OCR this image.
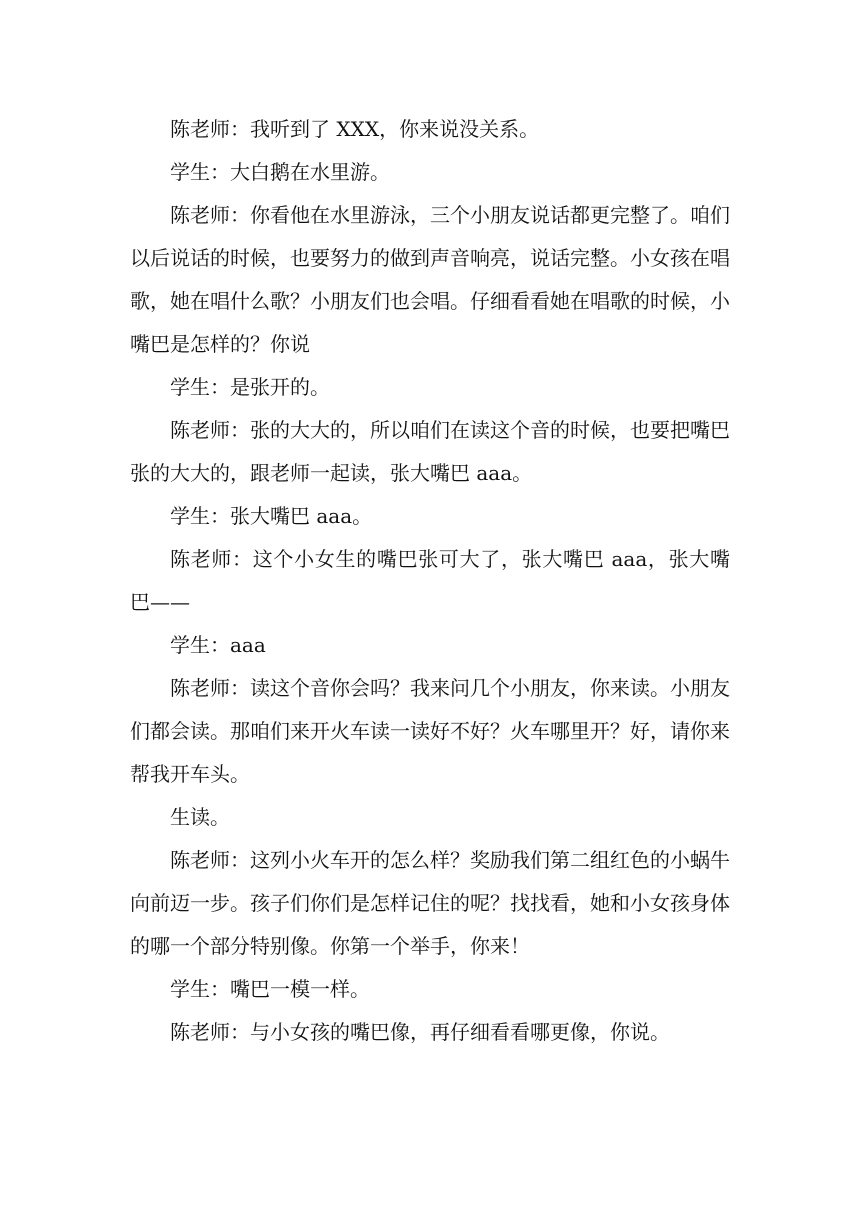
陈老师：我听到了 XXX，你来说没关系。

学生：大白鹅在水里游。

陈老师：你看他在水里游泳，三个小朋友说话都更完整了。咱们以后说话的时候，也要努力的做到声音响亮，说话完整。小女孩在唱歌，她在唱什么歌？小朋友们也会唱。仔细看看她在唱歌的时候，小嘴巴是怎样的？你说

学生：是张开的。

陈老师：张的大大的，所以咱们在读这个音的时候，也要把嘴巴张的大大的，跟老师一起读，张大嘴巴 aaa。

学生：张大嘴巴 aaa。

陈老师：这个小女生的嘴巴张可大了，张大嘴巴 aaa，张大嘴巴——

学生：aaa

陈老师：读这个音你会吗？我来问几个小朋友，你来读。小朋友们都会读。那咱们来开火车读一读好不好？火车哪里开？好，请你来帮我开车头。

生读。

陈老师：这列小火车开的怎么样？奖励我们第二组红色的小蜗牛向前迈一步。孩子们你们是怎样记住的呢？找找看，她和小女孩身体的哪一个部分特别像。你第一个举手，你来！

学生：嘴巴一模一样。

陈老师：与小女孩的嘴巴像，再仔细看看哪更像，你说。
